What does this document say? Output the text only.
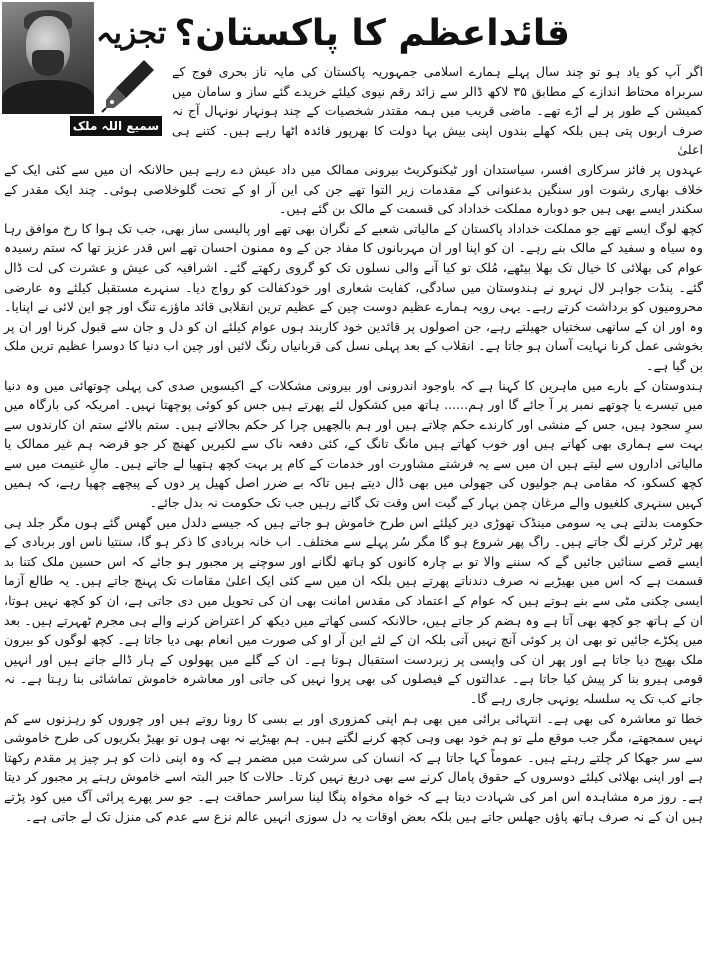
تجزیہ
سمیع اللہ ملک
قائداعظم کا پاکستان؟

اگر آپ کو یاد ہو تو چند سال پہلے ہمارے اسلامی جمہوریہ پاکستان کی مایہ ناز بحری فوج کے سربراہ محتاط اندازے کے مطابق ۳۵ لاکھ ڈالر سے زائد رقم نیوی کیلئے خریدے گئے ساز و سامان میں کمیشن کے طور پر لے اڑے تھے۔ ماضی قریب میں ہمہ مقتدر شخصیات کے چند ہونہار نونہال آج نہ صرف اربوں پتی ہیں بلکہ کھلے بندوں اپنی بیش بہا دولت کا بھرپور فائدہ اٹھا رہے ہیں۔ کتنے ہی اعلیٰ
عہدوں پر فائز سرکاری افسر، سیاستدان اور ٹیکنوکریٹ بیرونی ممالک میں داد عیش دے رہے ہیں حالانکہ ان میں سے کئی ایک کے خلاف بھاری رشوت اور سنگین بدعنوانی کے مقدمات زیر التوا تھے جن کی این آر او کے تحت گلوخلاصی ہوئی۔ چند ایک مقدر کے سکندر ایسے بھی ہیں جو دوبارہ مملکت خداداد کی قسمت کے مالک بن گئے ہیں۔

کچھ لوگ ایسے تھے جو مملکت خداداد پاکستان کے مالیاتی شعبے کے نگران بھی تھے اور پالیسی ساز بھی، جب تک ہوا کا رخ موافق رہا وہ سیاہ و سفید کے مالک بنے رہے۔ ان کو اپنا اور ان مہربانوں کا مفاد جن کے وہ ممنون احسان تھے اس قدر عزیز تھا کہ ستم رسیدہ عوام کی بھلائی کا خیال تک بھلا بیٹھے، مُلک تو کیا آنے والی نسلوں تک کو گروی رکھتے گئے۔ اشرافیہ کی عیش و عشرت کی لت ڈال گئے۔ پنڈت جواہر لال نہرو نے ہندوستان میں سادگی، کفایت شعاری اور خودکفالت کو رواج دیا۔ سنہرے مستقبل کیلئے وہ عارضی محرومیوں کو برداشت کرتے رہے۔ یہی رویہ ہمارے عظیم دوست چین کے عظیم ترین انقلابی قائد ماؤزے تنگ اور چو این لائی نے اپنایا۔ وہ اور ان کے ساتھی سختیاں جھیلتے رہے، جن اصولوں پر قائدین خود کاربند ہوں عوام کیلئے ان کو دل و جان سے قبول کرنا اور ان پر بخوشی عمل کرنا نہایت آسان ہو جاتا ہے۔ انقلاب کے بعد پہلی نسل کی قربانیاں رنگ لائیں اور چین اب دنیا کا دوسرا عظیم ترین ملک بن گیا ہے۔

ہندوستان کے بارے میں ماہرین کا کہنا ہے کہ باوجود اندرونی اور بیرونی مشکلات کے اکیسویں صدی کی پہلی چوتھائی میں وہ دنیا میں تیسرے یا چوتھے نمبر پر آ جائے گا اور ہم...... ہاتھ میں کشکول لئے پھرتے ہیں جس کو کوئی پوچھتا نہیں۔ امریکہ کی بارگاہ میں سرِ سجود ہیں، جس کے منشی اور کارندے حکم چلاتے ہیں اور ہم بالچھیں چرا کر حکم بجالاتے ہیں۔ ستم بالائے ستم ان کارندوں سے بہت سے ہماری بھی کھاتے ہیں اور خوب کھاتے ہیں مانگ تانگ کے، کئی دفعہ ناک سے لکیریں کھنچ کر جو قرضہ ہم غیر ممالک یا مالیاتی اداروں سے لیتے ہیں ان میں سے یہ فرشتے مشاورت اور خدمات کے کام پر بہت کچھ ہتھیا لے جاتے ہیں۔ مالِ غنیمت میں سے کچھ کسکو، کہ مقامی ہم جولیوں کی جھولی میں بھی ڈال دیتے ہیں تاکہ بے ضرر اصل کھیل پر دوں کے پیچھے چھپا رہے، کہ ہمیں کہیں سنہری کلغیوں والے مرغان چمن بہار کے گیت اس وقت تک گاتے رہیں جب تک حکومت نہ بدل جائے۔

حکومت بدلتے ہی یہ سومی مینڈک تھوڑی دیر کیلئے اس طرح خاموش ہو جاتے ہیں کہ جیسے دلدل میں گھس گئے ہوں مگر جلد ہی پھر ٹرٹر کرنے لگ جاتے ہیں۔ راگ پھر شروع ہو گا مگر سُر پہلے سے مختلف۔ اب خانہ بربادی کا ذکر ہو گا، سنتیا ناس اور بربادی کے ایسے قصے سنائیں جائیں گے کہ سننے والا تو بے چارہ کانوں کو ہاتھ لگانے اور سوچنے پر مجبور ہو جائے کہ اس حسین ملک کتنا بد قسمت ہے کہ اس میں بھیڑیے نہ صرف دندناتے پھرتے ہیں بلکہ ان میں سے کئی ایک اعلیٰ مقامات تک پہنچ جاتے ہیں۔ یہ طالع آزما ایسی چکنی مٹی سے بنے ہوتے ہیں کہ عوام کے اعتماد کی مقدس امانت بھی ان کی تحویل میں دی جاتی ہے، ان کو کچھ نہیں ہوتا، ان کے ہاتھ جو کچھ بھی آتا ہے وہ ہضم کر جاتے ہیں، حالانکہ کسی کھاتے میں دیکھ کر اعتراض کرنے والے ہی مجرم ٹھہرتے ہیں۔ بعد میں پکڑے جائیں تو بھی ان پر کوئی آنچ نہیں آتی بلکہ ان کے لئے این آر او کی صورت میں انعام بھی دیا جاتا ہے۔ کچھ لوگوں کو بیرون ملک بھیج دیا جاتا ہے اور پھر ان کی واپسی پر زبردست استقبال ہوتا ہے۔ ان کے گلے میں پھولوں کے ہار ڈالے جاتے ہیں اور انہیں قومی ہیرو بنا کر پیش کیا جاتا ہے۔ عدالتوں کے فیصلوں کی بھی پروا نہیں کی جاتی اور معاشرہ خاموش تماشائی بنا رہتا ہے۔ نہ جانے کب تک یہ سلسلہ یونہی جاری رہے گا۔

خطا تو معاشرہ کی بھی ہے۔ انتہائی برائی میں بھی ہم اپنی کمزوری اور بے بسی کا رونا روتے ہیں اور چوروں کو رہزنوں سے کم نہیں سمجھتے، مگر جب موقع ملے تو ہم خود بھی وہی کچھ کرنے لگتے ہیں۔ ہم بھیڑیے نہ بھی ہوں تو بھیڑ بکریوں کی طرح خاموشی سے سر جھکا کر چلتے رہتے ہیں۔ عموماً کہا جاتا ہے کہ انسان کی سرشت میں مضمر ہے کہ وہ اپنی ذات کو ہر چیز پر مقدم رکھتا ہے اور اپنی بھلائی کیلئے دوسروں کے حقوق پامال کرنے سے بھی دریغ نہیں کرتا۔ حالات کا جبر البتہ اسے خاموش رہنے پر مجبور کر دیتا ہے۔ روز مرہ مشاہدہ اس امر کی شہادت دیتا ہے کہ خواہ مخواہ پنگا لینا سراسر حماقت ہے۔ جو سر پھرے پرائی آگ میں کود پڑتے ہیں ان کے نہ صرف ہاتھ پاؤں جھلس جاتے ہیں بلکہ بعض اوقات یہ دل سوزی انہیں عالم نزع سے عدم کی منزل تک لے جاتی ہے۔
